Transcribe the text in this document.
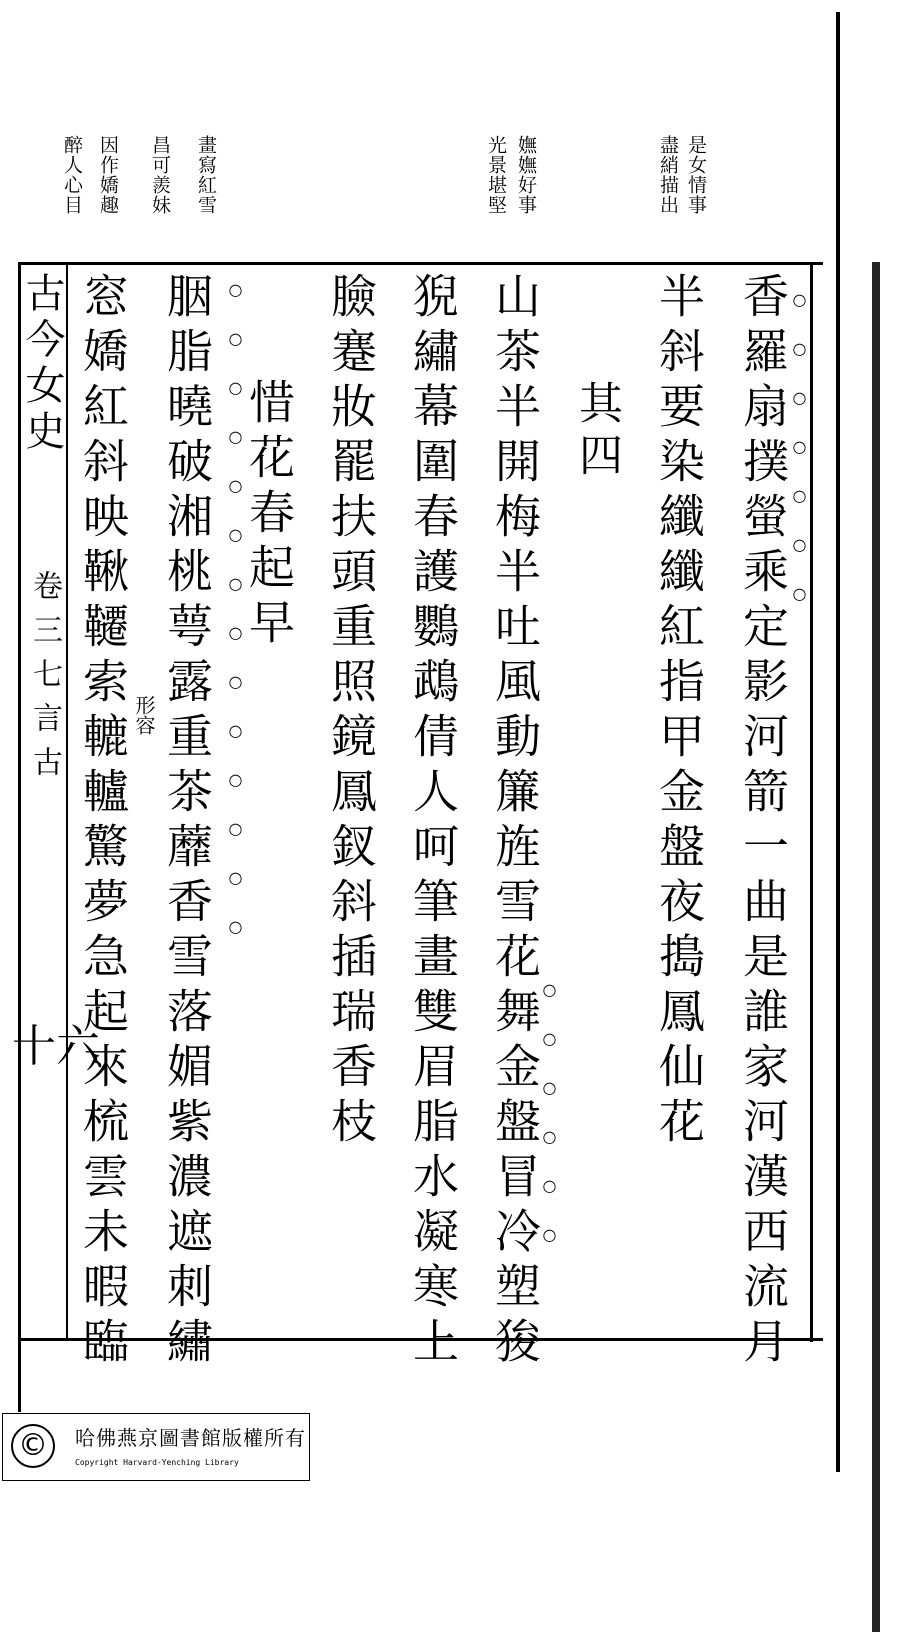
古今女史
卷三七言古
十六
形容
是女情事
盡綃描出
嫵嫵好事
光景堪堅
畫寫紅雪
昌可羨妹
因作嬌趣
醉人心目
香羅扇撲螢乘定影河箭一曲是誰家河漢西流月
半斜要染纖纖紅指甲金盤夜搗鳳仙花
其四
山茶半開梅半吐風動簾旌雪花舞金盤冒冷塑狻
猊繡幕圍春護鸚鵡倩人呵筆畫雙眉脂水凝寒上
臉蹇妝罷扶頭重照鏡鳳釵斜插瑞香枝
惜花春起早
胭脂曉破湘桃萼露重茶蘼香雪落媚紫濃遮刺繡
窓嬌紅斜映鞦韆索轆轤驚夢急起來梳雲未暇臨	○○○○○○○
○○○○○○
○○○○○○○○○○○○○○
©	哈佛燕京圖書館版權所有
Copyright Harvard-Yenching Library
